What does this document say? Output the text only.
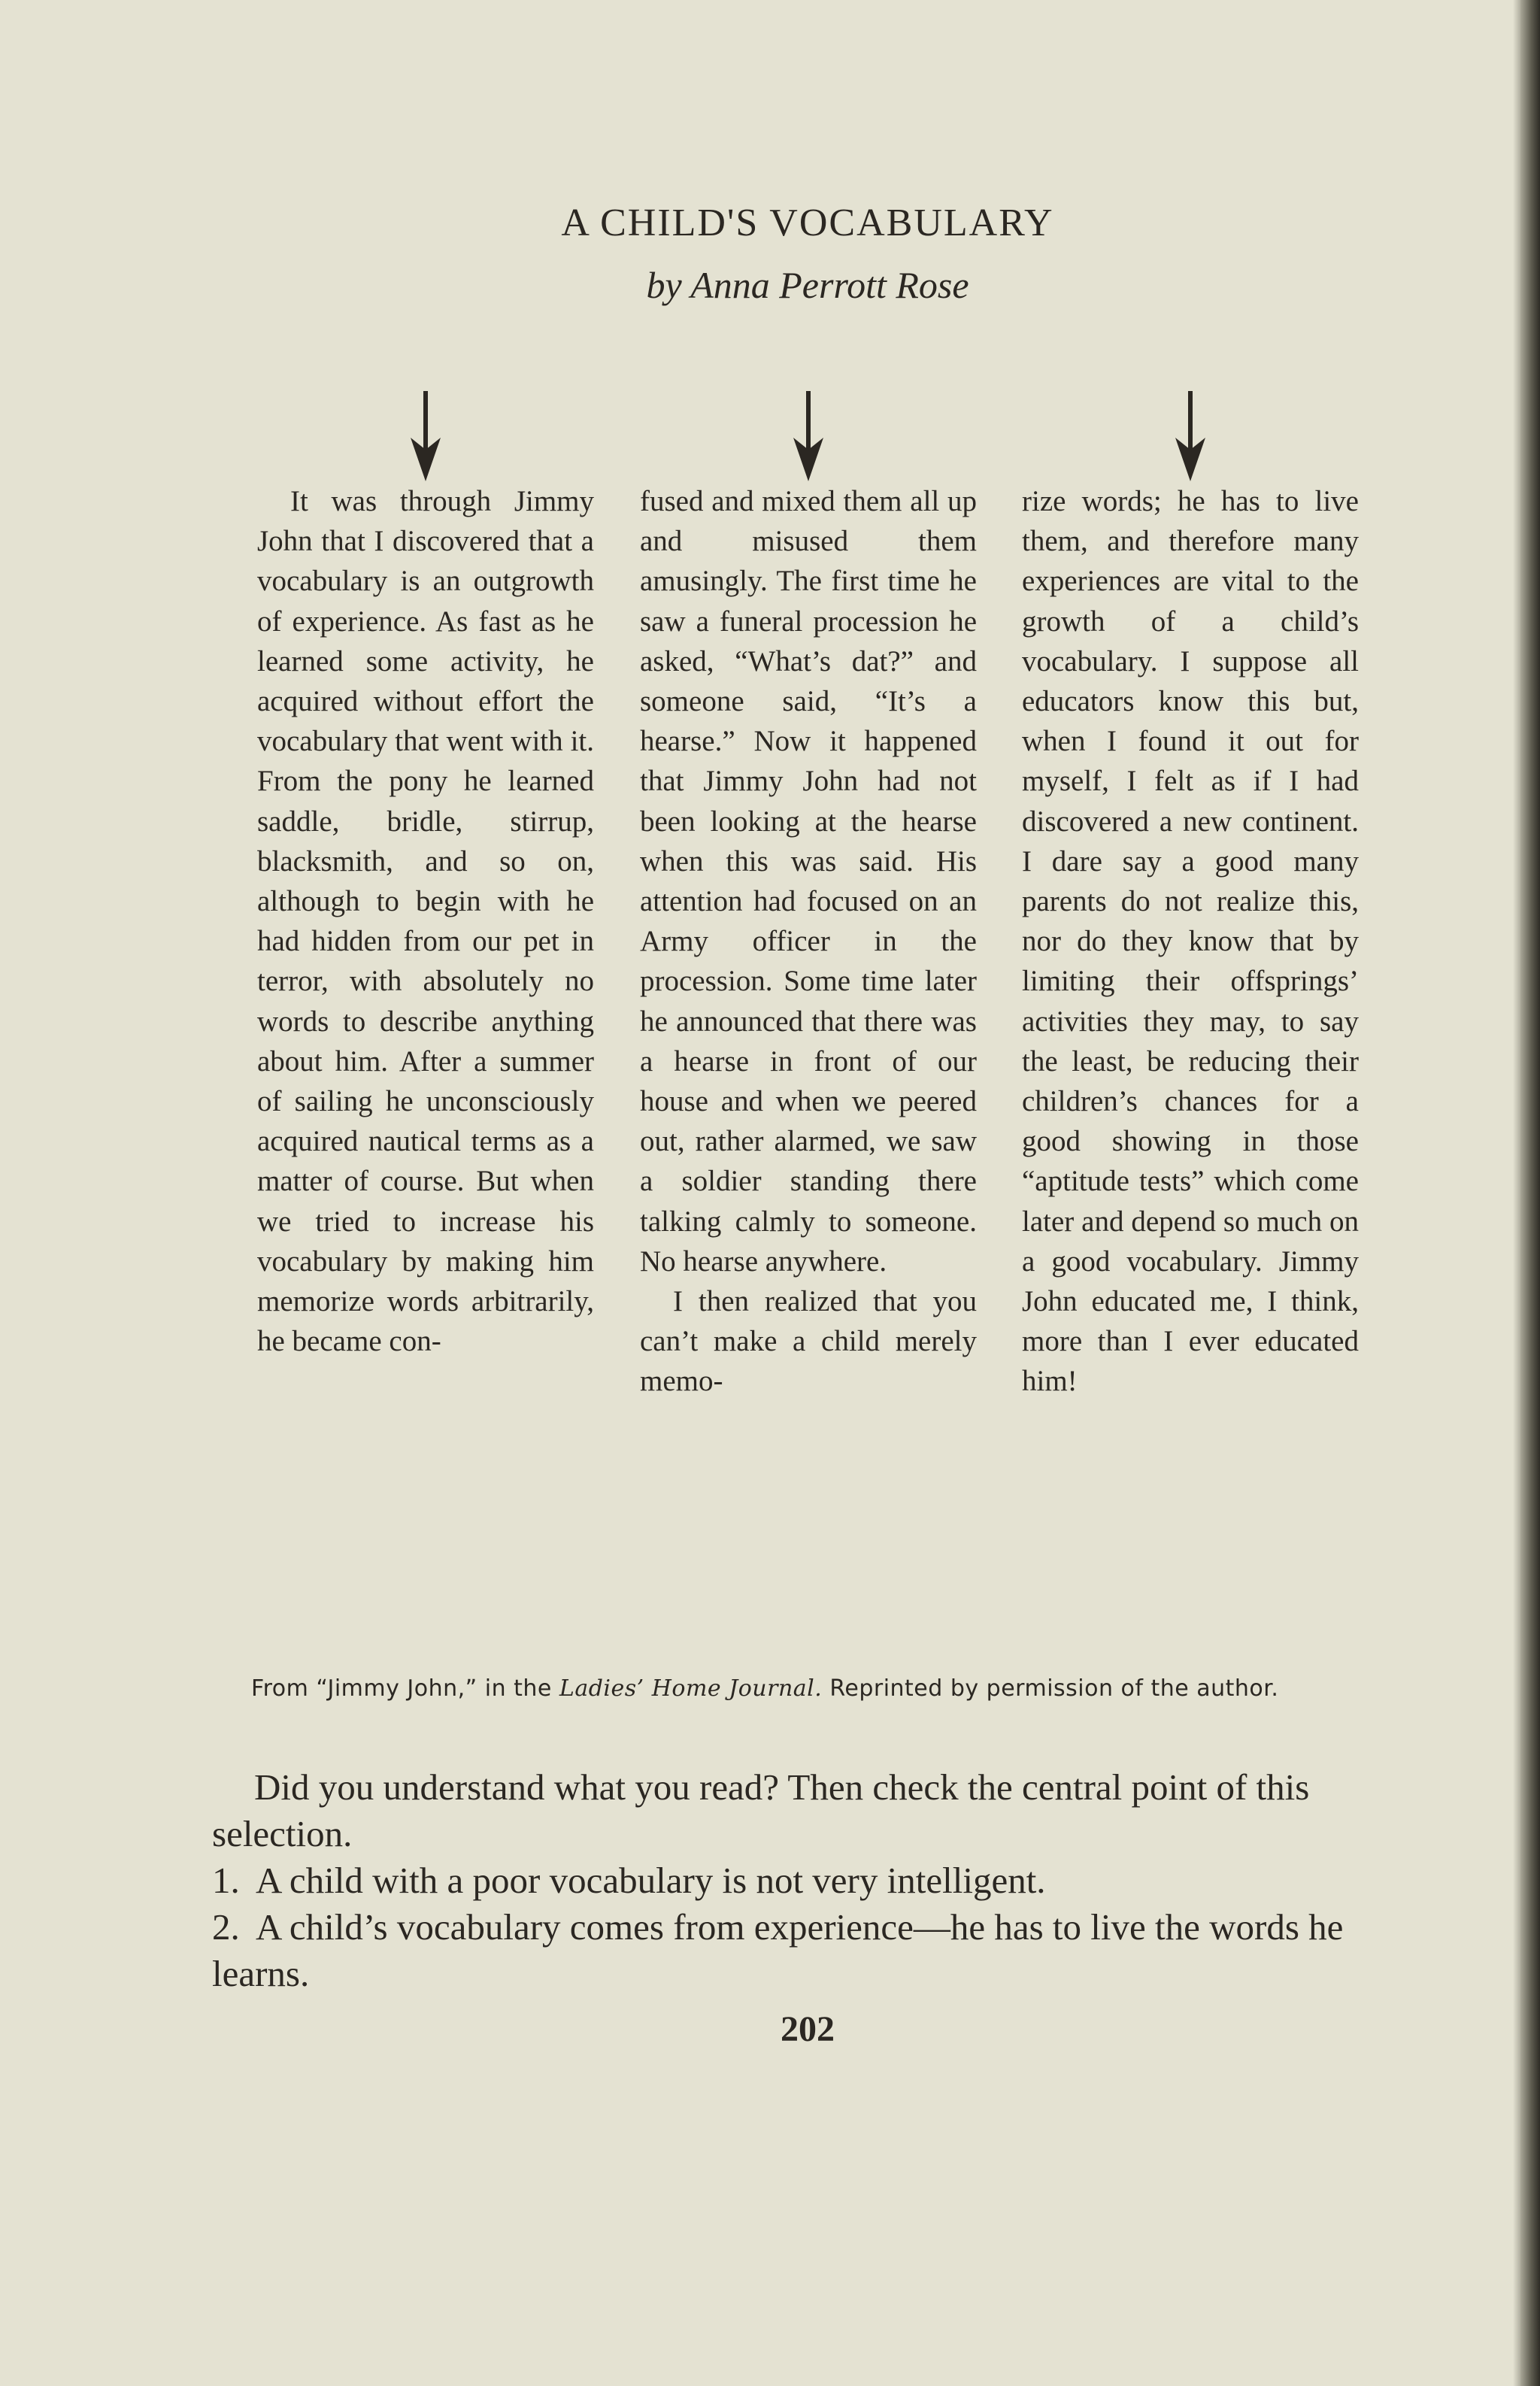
A CHILD'S VOCABULARY
by Anna Perrott Rose

It was through Jimmy John that I discovered that a vocabulary is an outgrowth of experience. As fast as he learned some activity, he acquired without effort the vocabulary that went with it. From the pony he learned saddle, bridle, stirrup, blacksmith, and so on, although to begin with he had hidden from our pet in terror, with absolutely no words to describe anything about him. After a summer of sailing he unconsciously acquired nautical terms as a matter of course. But when we tried to increase his vocabulary by making him memorize words arbitrarily, he became con-

fused and mixed them all up and misused them amusingly. The first time he saw a funeral procession he asked, “What’s dat?” and someone said, “It’s a hearse.” Now it happened that Jimmy John had not been looking at the hearse when this was said. His attention had focused on an Army officer in the procession. Some time later he announced that there was a hearse in front of our house and when we peered out, rather alarmed, we saw a soldier standing there talking calmly to someone. No hearse anywhere.

I then realized that you can’t make a child merely memo-

rize words; he has to live them, and therefore many experiences are vital to the growth of a child’s vocabulary. I suppose all educators know this but, when I found it out for myself, I felt as if I had discovered a new continent. I dare say a good many parents do not realize this, nor do they know that by limiting their offsprings’ activities they may, to say the least, be reducing their children’s chances for a good showing in those “aptitude tests” which come later and depend so much on a good vocabulary. Jimmy John educated me, I think, more than I ever educated him!

From “Jimmy John,” in the Ladies’ Home Journal. Reprinted by permission of the author.

Did you understand what you read? Then check the central point of this selection.

1. A child with a poor vocabulary is not very intelligent.

2. A child’s vocabulary comes from experience—he has to live the words he learns.

202
